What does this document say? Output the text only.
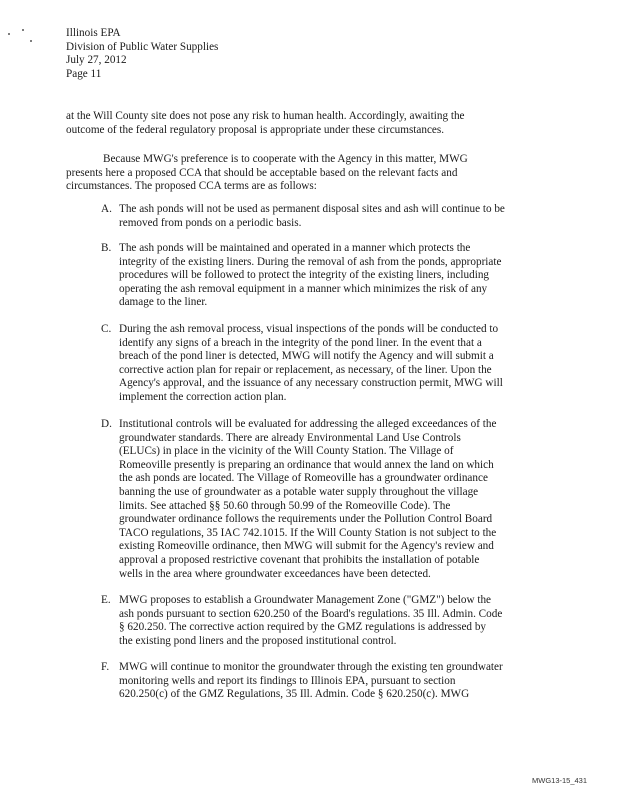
Illinois EPA
Division of Public Water Supplies
July 27, 2012
Page 11
at the Will County site does not pose any risk to human health. Accordingly, awaiting the
outcome of the federal regulatory proposal is appropriate under these circumstances.
Because MWG's preference is to cooperate with the Agency in this matter, MWG
presents here a proposed CCA that should be acceptable based on the relevant facts and
circumstances. The proposed CCA terms are as follows:
A. The ash ponds will not be used as permanent disposal sites and ash will continue to be
removed from ponds on a periodic basis.
B. The ash ponds will be maintained and operated in a manner which protects the
integrity of the existing liners. During the removal of ash from the ponds, appropriate
procedures will be followed to protect the integrity of the existing liners, including
operating the ash removal equipment in a manner which minimizes the risk of any
damage to the liner.
C. During the ash removal process, visual inspections of the ponds will be conducted to
identify any signs of a breach in the integrity of the pond liner. In the event that a
breach of the pond liner is detected, MWG will notify the Agency and will submit a
corrective action plan for repair or replacement, as necessary, of the liner. Upon the
Agency's approval, and the issuance of any necessary construction permit, MWG will
implement the correction action plan.
D. Institutional controls will be evaluated for addressing the alleged exceedances of the
groundwater standards. There are already Environmental Land Use Controls
(ELUCs) in place in the vicinity of the Will County Station. The Village of
Romeoville presently is preparing an ordinance that would annex the land on which
the ash ponds are located. The Village of Romeoville has a groundwater ordinance
banning the use of groundwater as a potable water supply throughout the village
limits. See attached §§ 50.60 through 50.99 of the Romeoville Code). The
groundwater ordinance follows the requirements under the Pollution Control Board
TACO regulations, 35 IAC 742.1015. If the Will County Station is not subject to the
existing Romeoville ordinance, then MWG will submit for the Agency's review and
approval a proposed restrictive covenant that prohibits the installation of potable
wells in the area where groundwater exceedances have been detected.
E. MWG proposes to establish a Groundwater Management Zone ("GMZ") below the
ash ponds pursuant to section 620.250 of the Board's regulations. 35 Ill. Admin. Code
§ 620.250. The corrective action required by the GMZ regulations is addressed by
the existing pond liners and the proposed institutional control.
F. MWG will continue to monitor the groundwater through the existing ten groundwater
monitoring wells and report its findings to Illinois EPA, pursuant to section
620.250(c) of the GMZ Regulations, 35 Ill. Admin. Code § 620.250(c). MWG
MWG13-15_431
